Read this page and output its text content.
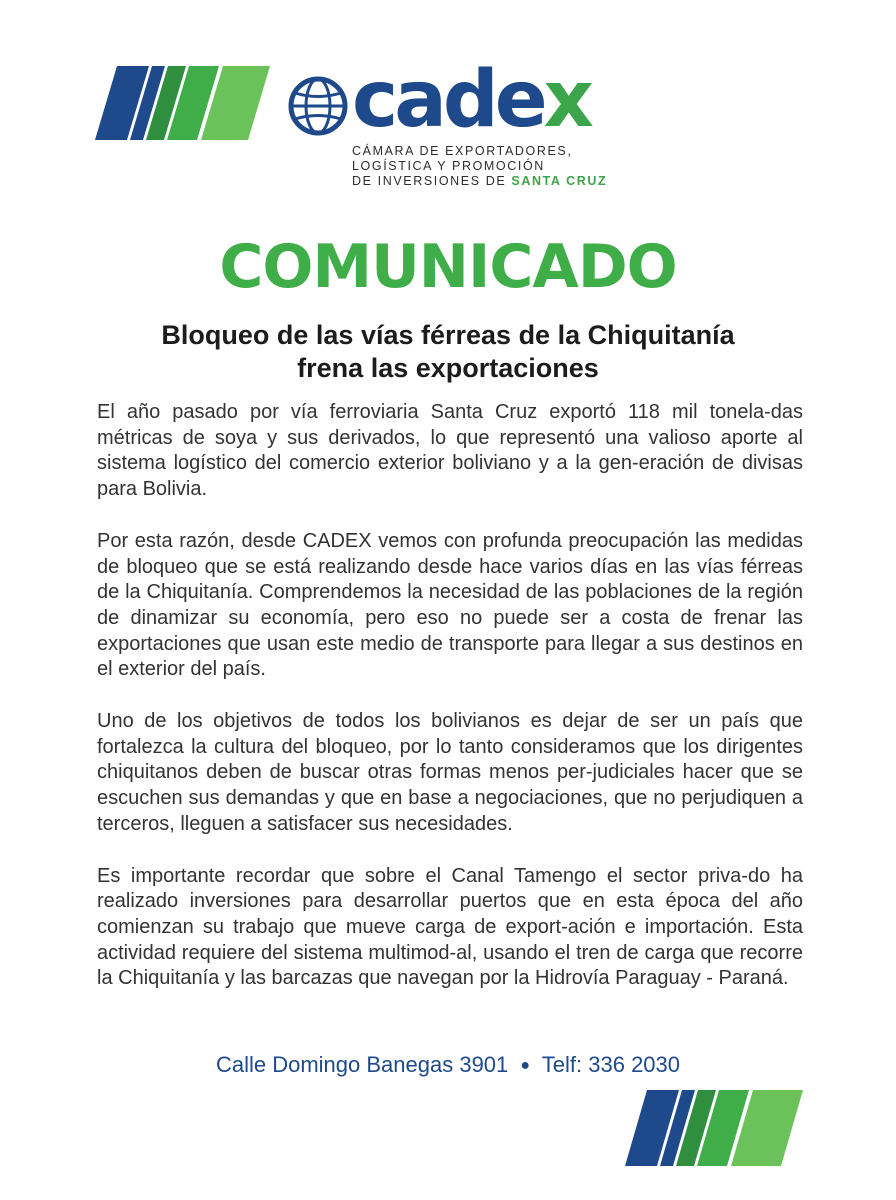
cadex
CÁMARA DE EXPORTADORES,
LOGÍSTICA Y PROMOCIÓN
DE INVERSIONES DE SANTA CRUZ
COMUNICADO
Bloqueo de las vías férreas de la Chiquitanía
frena las exportaciones

El año pasado por vía ferroviaria Santa Cruz exportó 118 mil tonela-das métricas de soya y sus derivados, lo que representó una valioso aporte al sistema logístico del comercio exterior boliviano y a la gen-eración de divisas para Bolivia.

Por esta razón, desde CADEX vemos con profunda preocupación las medidas de bloqueo que se está realizando desde hace varios días en las vías férreas de la Chiquitanía. Comprendemos la necesidad de las poblaciones de la región de dinamizar su economía, pero eso no puede ser a costa de frenar las exportaciones que usan este medio de transporte para llegar a sus destinos en el exterior del país.

Uno de los objetivos de todos los bolivianos es dejar de ser un país que fortalezca la cultura del bloqueo, por lo tanto consideramos que los dirigentes chiquitanos deben de buscar otras formas menos per-judiciales hacer que se escuchen sus demandas y que en base a negociaciones, que no perjudiquen a terceros, lleguen a satisfacer sus necesidades.

Es importante recordar que sobre el Canal Tamengo el sector priva-do ha realizado inversiones para desarrollar puertos que en esta época del año comienzan su trabajo que mueve carga de export-ación e importación. Esta actividad requiere del sistema multimod-al, usando el tren de carga que recorre la Chiquitanía y las barcazas que navegan por la Hidrovía Paraguay - Paraná.

Calle Domingo Banegas 3901 ● Telf: 336 2030
